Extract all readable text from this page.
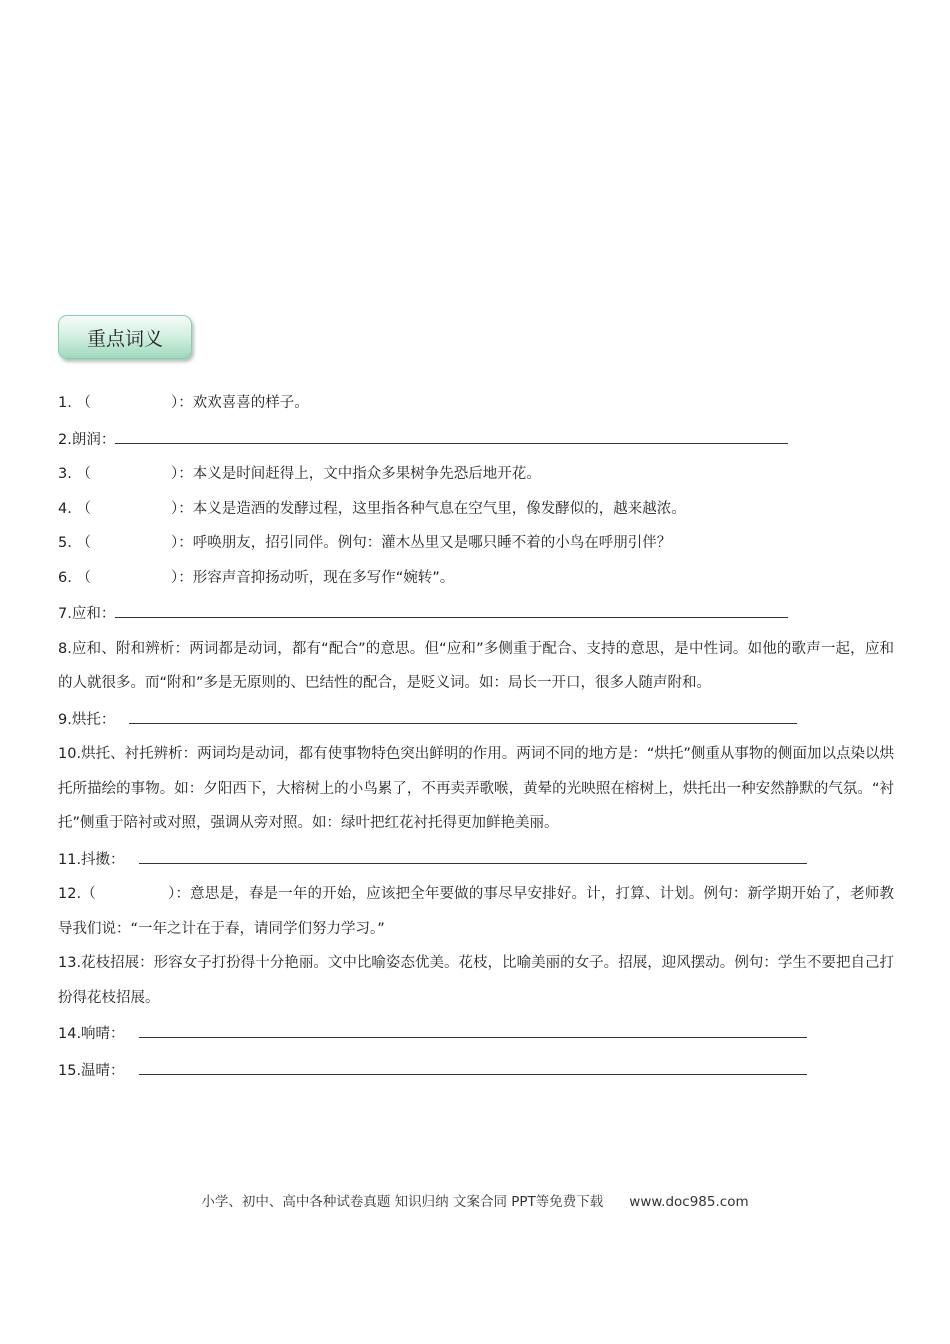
重点词义
1. （	）：欢欢喜喜的样子。
2.朗润：
3. （	）：本义是时间赶得上，文中指众多果树争先恐后地开花。
4. （	）：本义是造酒的发酵过程，这里指各种气息在空气里，像发酵似的，越来越浓。
5. （	）：呼唤朋友，招引同伴。例句：灌木丛里又是哪只睡不着的小鸟在呼朋引伴？
6. （	）：形容声音抑扬动听，现在多写作“婉转”。
7.应和：
8.应和、附和辨析：两词都是动词，都有“配合”的意思。但“应和”多侧重于配合、支持的意思，是中性词。如他的歌声一起，应和的人就很多。而“附和”多是无原则的、巴结性的配合，是贬义词。如：局长一开口，很多人随声附和。
9.烘托：
10.烘托、衬托辨析：两词均是动词，都有使事物特色突出鲜明的作用。两词不同的地方是：“烘托”侧重从事物的侧面加以点染以烘托所描绘的事物。如：夕阳西下，大榕树上的小鸟累了，不再卖弄歌喉，黄晕的光映照在榕树上，烘托出一种安然静默的气氛。“衬托”侧重于陪衬或对照，强调从旁对照。如：绿叶把红花衬托得更加鲜艳美丽。
11.抖擞：
12.（	）：意思是，春是一年的开始，应该把全年要做的事尽早安排好。计，打算、计划。例句：新学期开始了，老师教导我们说：“一年之计在于春，请同学们努力学习。”
13.花枝招展：形容女子打扮得十分艳丽。文中比喻姿态优美。花枝，比喻美丽的女子。招展，迎风摆动。例句：学生不要把自己打扮得花枝招展。
14.响晴：
15.温晴：
小学、初中、高中各种试卷真题 知识归纳 文案合同 PPT等免费下载 www.doc985.com
